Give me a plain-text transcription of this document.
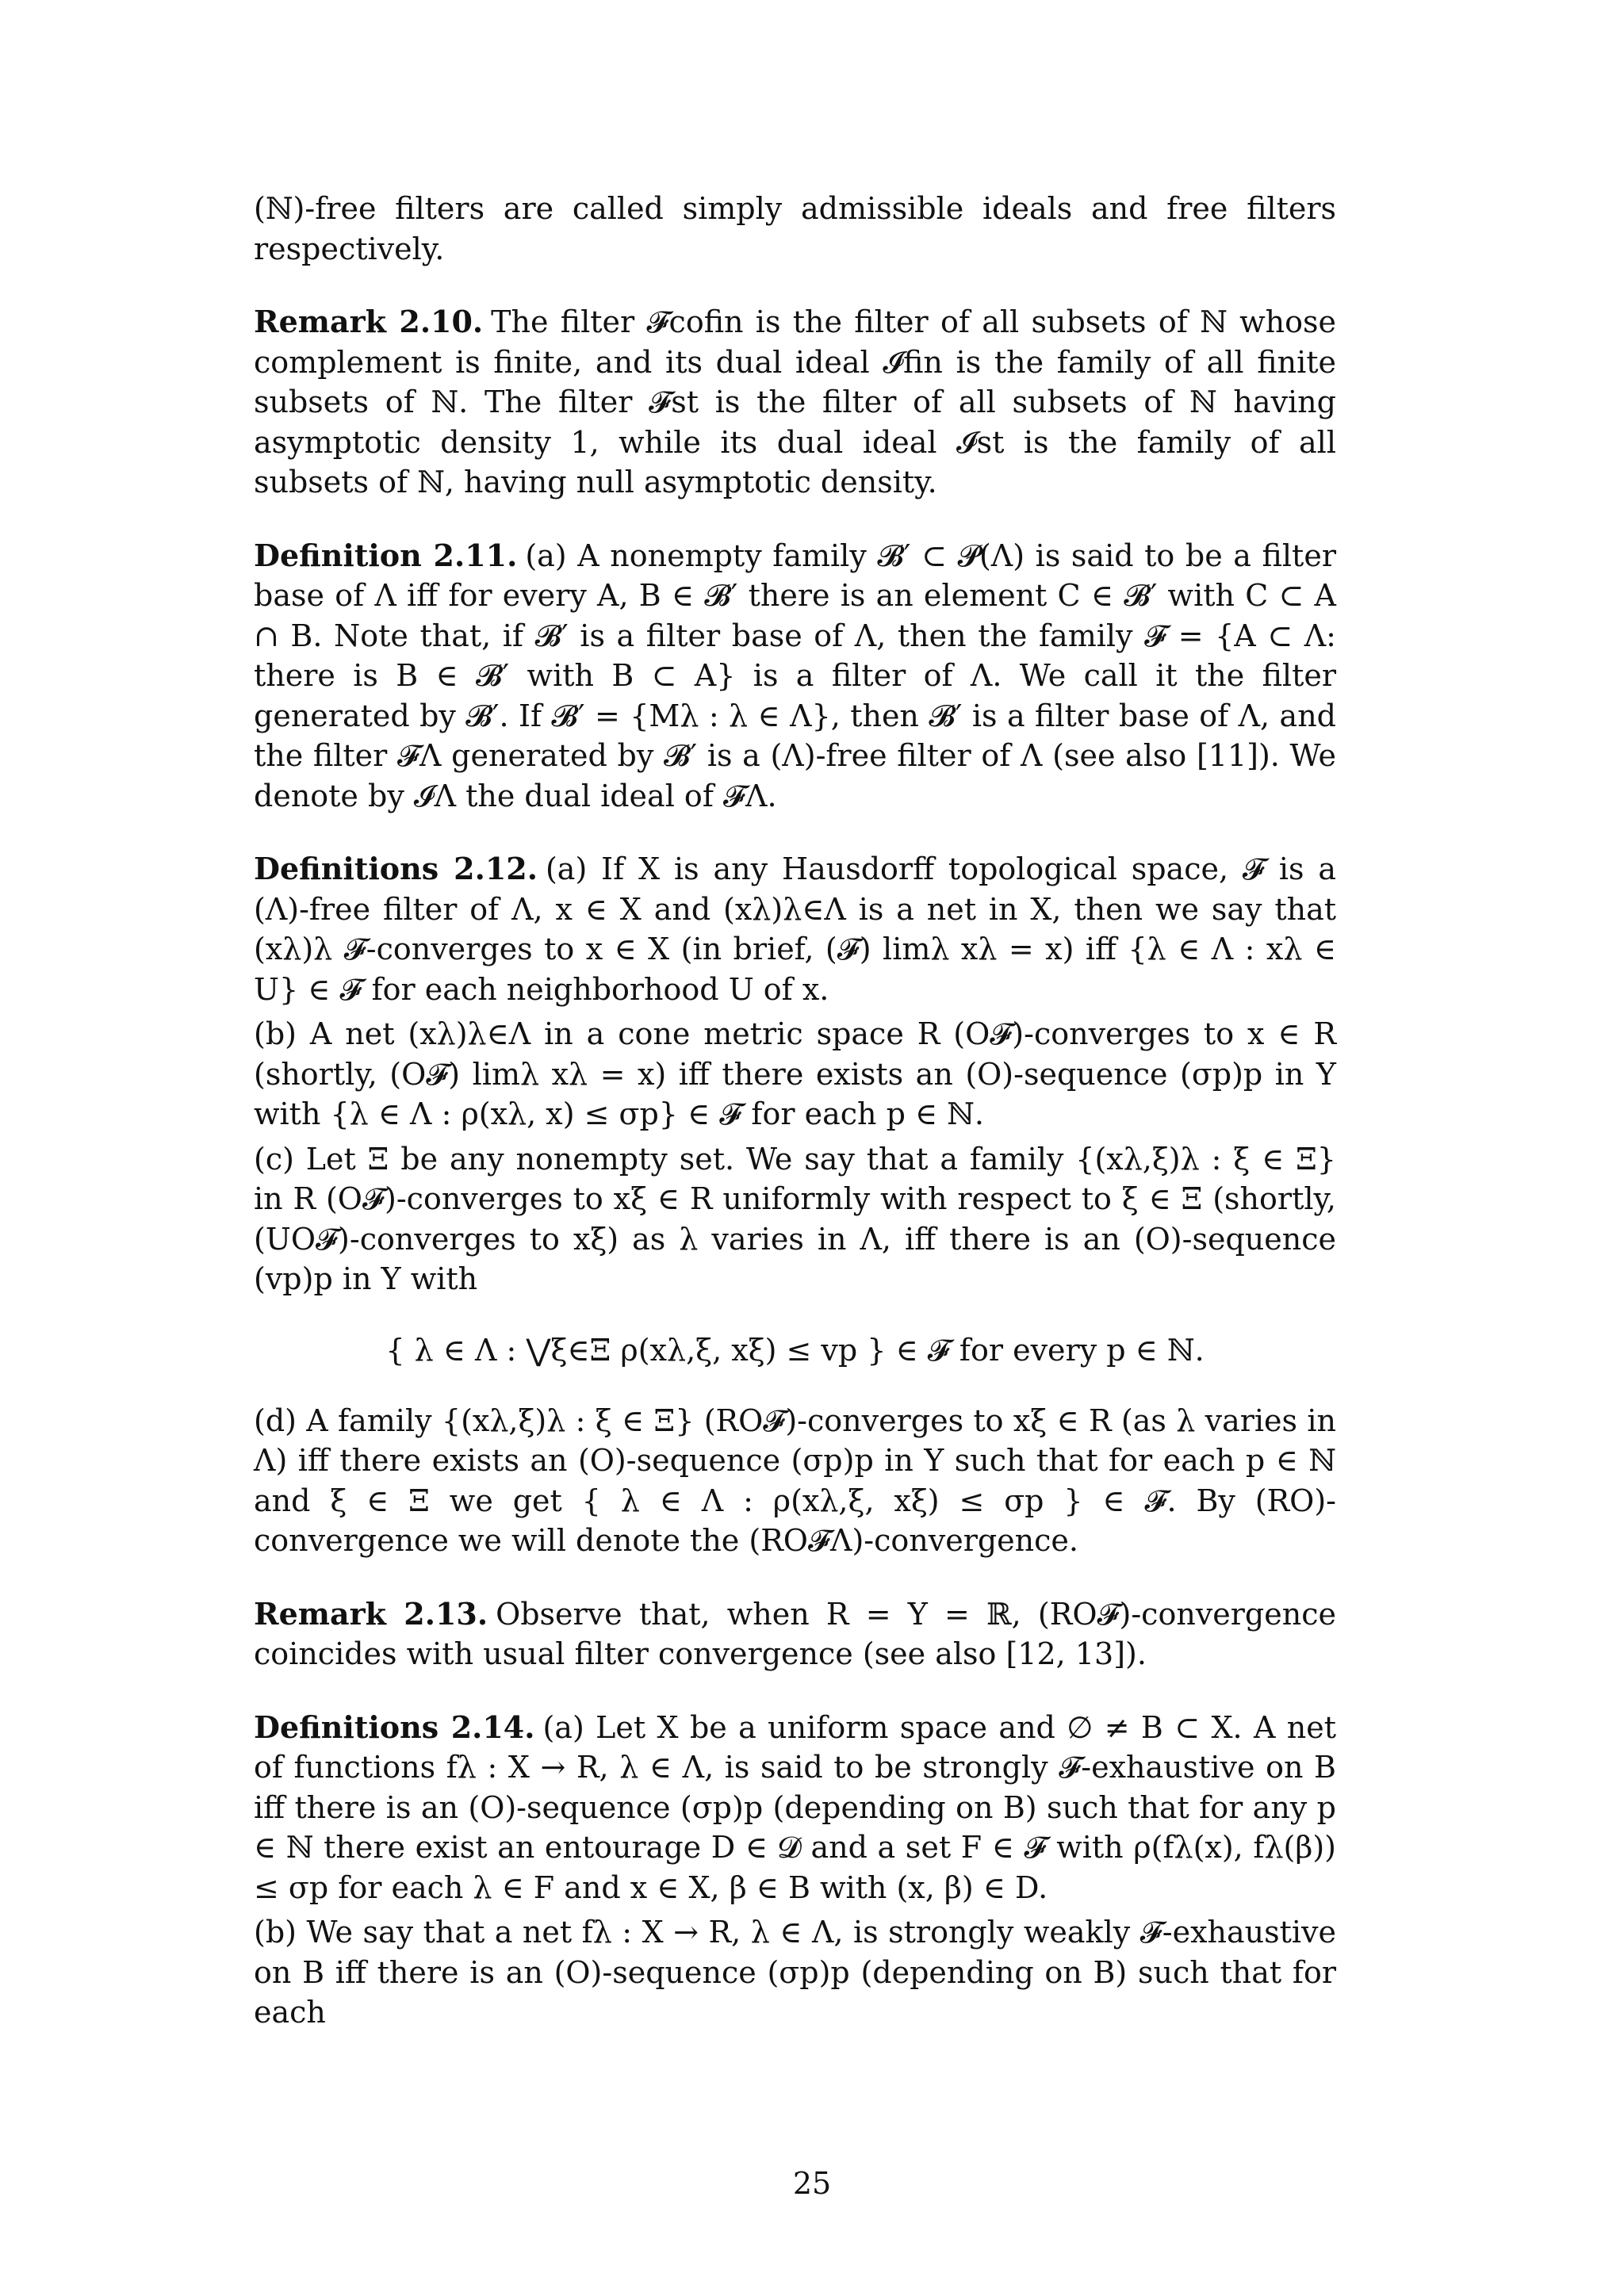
(ℕ)-free filters are called simply admissible ideals and free filters respectively.

Remark 2.10. The filter 𝓕cofin is the filter of all subsets of ℕ whose complement is finite, and its dual ideal 𝓘fin is the family of all finite subsets of ℕ. The filter 𝓕st is the filter of all subsets of ℕ having asymptotic density 1, while its dual ideal 𝓘st is the family of all subsets of ℕ, having null asymptotic density.

Definition 2.11. (a) A nonempty family 𝓑′ ⊂ 𝓟(Λ) is said to be a filter base of Λ iff for every A, B ∈ 𝓑′ there is an element C ∈ 𝓑′ with C ⊂ A ∩ B. Note that, if 𝓑′ is a filter base of Λ, then the family 𝓕 = {A ⊂ Λ: there is B ∈ 𝓑′ with B ⊂ A} is a filter of Λ. We call it the filter generated by 𝓑′. If 𝓑′ = {Mλ : λ ∈ Λ}, then 𝓑′ is a filter base of Λ, and the filter 𝓕Λ generated by 𝓑′ is a (Λ)-free filter of Λ (see also [11]). We denote by 𝓘Λ the dual ideal of 𝓕Λ.

Definitions 2.12. (a) If X is any Hausdorff topological space, 𝓕 is a (Λ)-free filter of Λ, x ∈ X and (xλ)λ∈Λ is a net in X, then we say that (xλ)λ 𝓕-converges to x ∈ X (in brief, (𝓕) limλ xλ = x) iff {λ ∈ Λ : xλ ∈ U} ∈ 𝓕 for each neighborhood U of x.

(b) A net (xλ)λ∈Λ in a cone metric space R (O𝓕)-converges to x ∈ R (shortly, (O𝓕) limλ xλ = x) iff there exists an (O)-sequence (σp)p in Y with {λ ∈ Λ : ρ(xλ, x) ≤ σp} ∈ 𝓕 for each p ∈ ℕ.

(c) Let Ξ be any nonempty set. We say that a family {(xλ,ξ)λ : ξ ∈ Ξ} in R (O𝓕)-converges to xξ ∈ R uniformly with respect to ξ ∈ Ξ (shortly, (UO𝓕)-converges to xξ) as λ varies in Λ, iff there is an (O)-sequence (vp)p in Y with

{ λ ∈ Λ : ⋁ξ∈Ξ ρ(xλ,ξ, xξ) ≤ vp } ∈ 𝓕 for every p ∈ ℕ.

(d) A family {(xλ,ξ)λ : ξ ∈ Ξ} (RO𝓕)-converges to xξ ∈ R (as λ varies in Λ) iff there exists an (O)-sequence (σp)p in Y such that for each p ∈ ℕ and ξ ∈ Ξ we get { λ ∈ Λ : ρ(xλ,ξ, xξ) ≤ σp } ∈ 𝓕. By (RO)-convergence we will denote the (RO𝓕Λ)-convergence.

Remark 2.13. Observe that, when R = Y = ℝ, (RO𝓕)-convergence coincides with usual filter convergence (see also [12, 13]).

Definitions 2.14. (a) Let X be a uniform space and ∅ ≠ B ⊂ X. A net of functions fλ : X → R, λ ∈ Λ, is said to be strongly 𝓕-exhaustive on B iff there is an (O)-sequence (σp)p (depending on B) such that for any p ∈ ℕ there exist an entourage D ∈ 𝓓 and a set F ∈ 𝓕 with ρ(fλ(x), fλ(β)) ≤ σp for each λ ∈ F and x ∈ X, β ∈ B with (x, β) ∈ D.

(b) We say that a net fλ : X → R, λ ∈ Λ, is strongly weakly 𝓕-exhaustive on B iff there is an (O)-sequence (σp)p (depending on B) such that for each

25
